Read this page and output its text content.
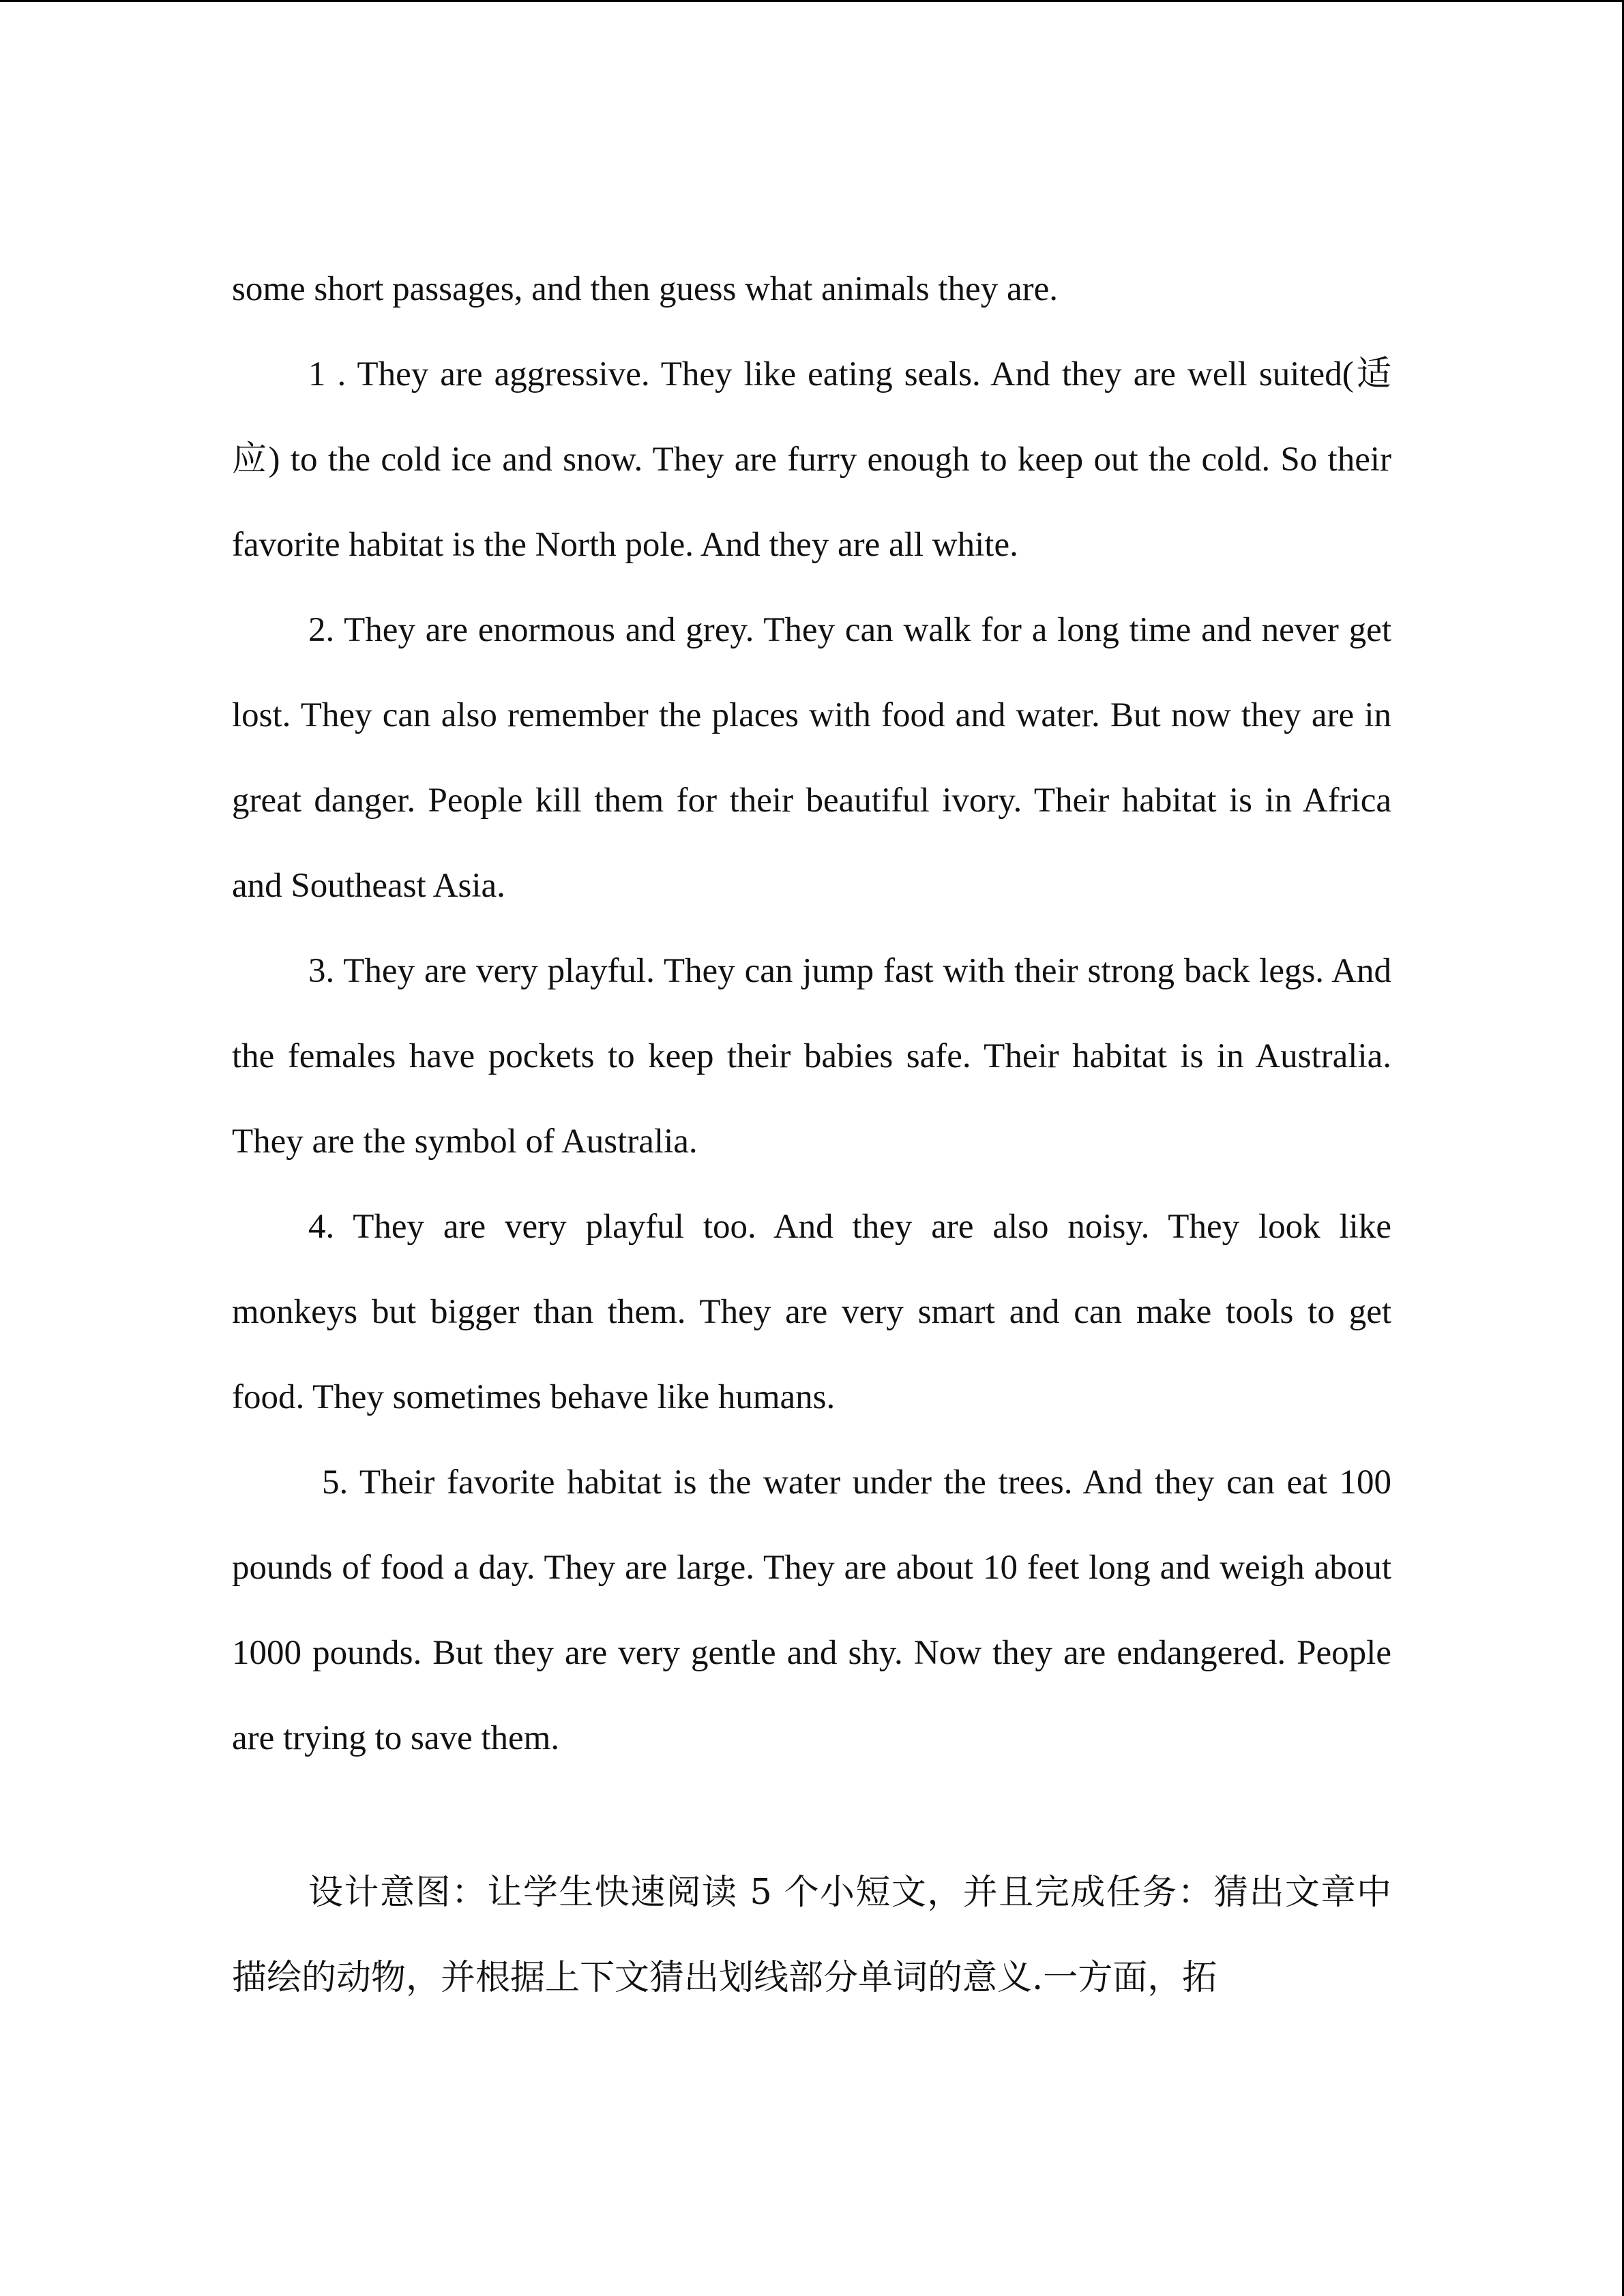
some short passages, and then guess what animals they are.

1 . They are aggressive. They like eating seals. And they are well suited(适应) to the cold ice and snow. They are furry enough to keep out the cold. So their favorite habitat is the North pole. And they are all white.

2. They are enormous and grey. They can walk for a long time and never get lost. They can also remember the places with food and water. But now they are in great danger. People kill them for their beautiful ivory. Their habitat is in Africa and Southeast Asia.

3. They are very playful. They can jump fast with their strong back legs. And the females have pockets to keep their babies safe. Their habitat is in Australia. They are the symbol of Australia.

4. They are very playful too. And they are also noisy. They look like monkeys but bigger than them. They are very smart and can make tools to get food. They sometimes behave like humans.

5. Their favorite habitat is the water under the trees. And they can eat 100 pounds of food a day. They are large. They are about 10 feet long and weigh about 1000 pounds. But they are very gentle and shy. Now they are endangered. People are trying to save them.

设计意图：让学生快速阅读 5 个小短文，并且完成任务：猜出文章中描绘的动物，并根据上下文猜出划线部分单词的意义.一方面，拓
